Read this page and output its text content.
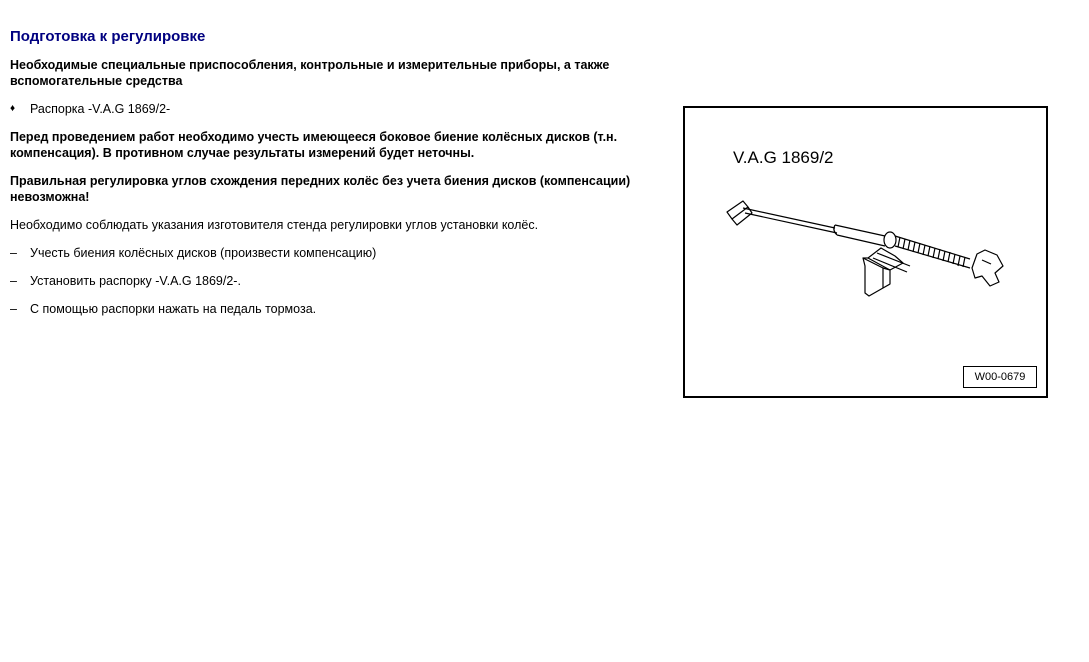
Подготовка к регулировке

Необходимые специальные приспособления, контрольные и измерительные приборы, а также вспомогательные средства

♦	Распорка -V.A.G 1869/2-

Перед проведением работ необходимо учесть имеющееся боковое биение колёсных дисков (т.н. компенсация). В противном случае результаты измерений будет неточны.

Правильная регулировка углов схождения передних колёс без учета биения дисков (компенсации) невозможна!

Необходимо соблюдать указания изготовителя стенда регулировки углов установки колёс.

–	Учесть биения колёсных дисков (произвести компенсацию)
–	Установить распорку -V.A.G 1869/2-.
–	С помощью распорки нажать на педаль тормоза.
V.A.G 1869/2
W00-0679
